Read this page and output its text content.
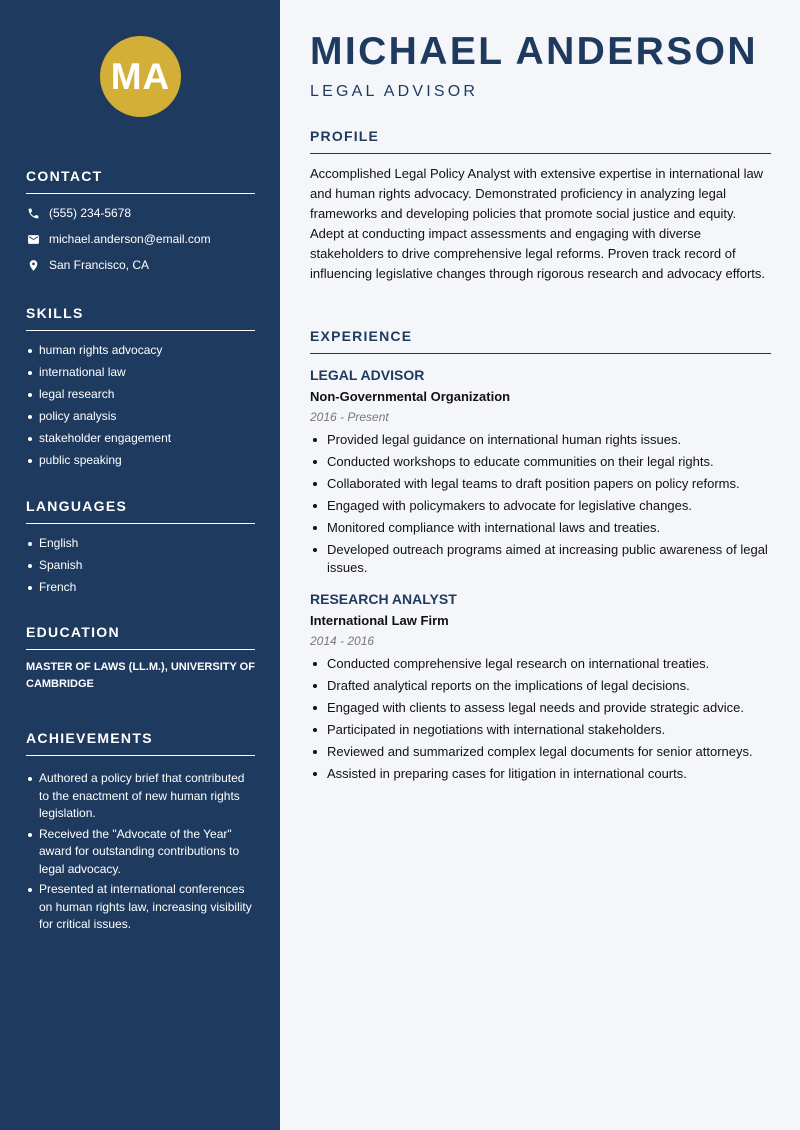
MA
CONTACT
(555) 234-5678
michael.anderson@email.com
San Francisco, CA
SKILLS
human rights advocacy
international law
legal research
policy analysis
stakeholder engagement
public speaking
LANGUAGES
English
Spanish
French
EDUCATION
MASTER OF LAWS (LL.M.), UNIVERSITY OF CAMBRIDGE
ACHIEVEMENTS
Authored a policy brief that contributed to the enactment of new human rights legislation.
Received the "Advocate of the Year" award for outstanding contributions to legal advocacy.
Presented at international conferences on human rights law, increasing visibility for critical issues.
MICHAEL ANDERSON
LEGAL ADVISOR
PROFILE

Accomplished Legal Policy Analyst with extensive expertise in international law and human rights advocacy. Demonstrated proficiency in analyzing legal frameworks and developing policies that promote social justice and equity. Adept at conducting impact assessments and engaging with diverse stakeholders to drive comprehensive legal reforms. Proven track record of influencing legislative changes through rigorous research and advocacy efforts.

EXPERIENCE
LEGAL ADVISOR
Non-Governmental Organization
2016 - Present
Provided legal guidance on international human rights issues.
Conducted workshops to educate communities on their legal rights.
Collaborated with legal teams to draft position papers on policy reforms.
Engaged with policymakers to advocate for legislative changes.
Monitored compliance with international laws and treaties.
Developed outreach programs aimed at increasing public awareness of legal issues.
RESEARCH ANALYST
International Law Firm
2014 - 2016
Conducted comprehensive legal research on international treaties.
Drafted analytical reports on the implications of legal decisions.
Engaged with clients to assess legal needs and provide strategic advice.
Participated in negotiations with international stakeholders.
Reviewed and summarized complex legal documents for senior attorneys.
Assisted in preparing cases for litigation in international courts.
